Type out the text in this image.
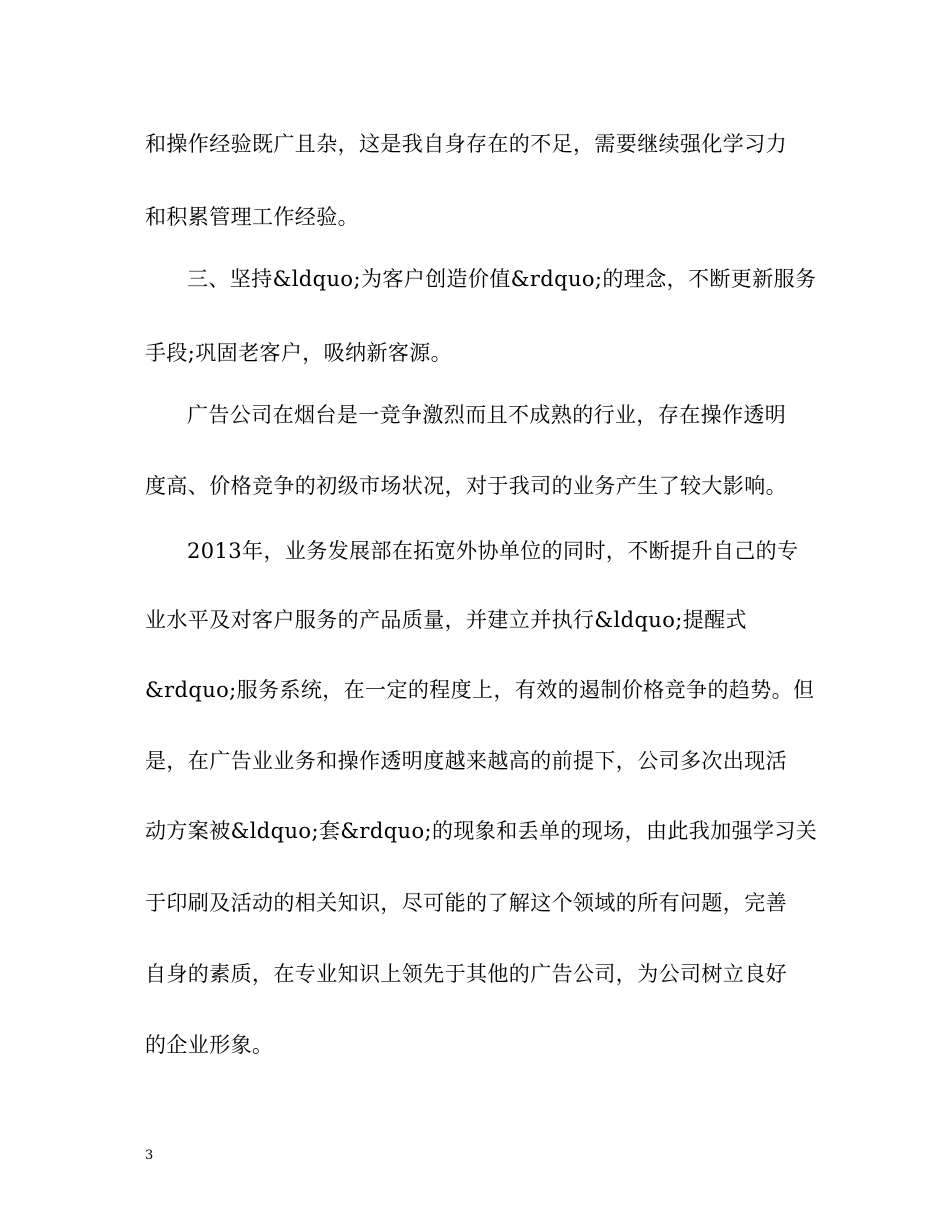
和操作经验既广且杂，这是我自身存在的不足，需要继续强化学习力
和积累管理工作经验。
三、坚持&ldquo;为客户创造价值&rdquo;的理念，不断更新服务
手段;巩固老客户，吸纳新客源。
广告公司在烟台是一竞争激烈而且不成熟的行业，存在操作透明
度高、价格竞争的初级市场状况，对于我司的业务产生了较大影响。
2013年，业务发展部在拓宽外协单位的同时，不断提升自己的专
业水平及对客户服务的产品质量，并建立并执行&ldquo;提醒式
&rdquo;服务系统，在一定的程度上，有效的遏制价格竞争的趋势。但
是，在广告业业务和操作透明度越来越高的前提下，公司多次出现活
动方案被&ldquo;套&rdquo;的现象和丢单的现场，由此我加强学习关
于印刷及活动的相关知识，尽可能的了解这个领域的所有问题，完善
自身的素质，在专业知识上领先于其他的广告公司，为公司树立良好
的企业形象。
3
